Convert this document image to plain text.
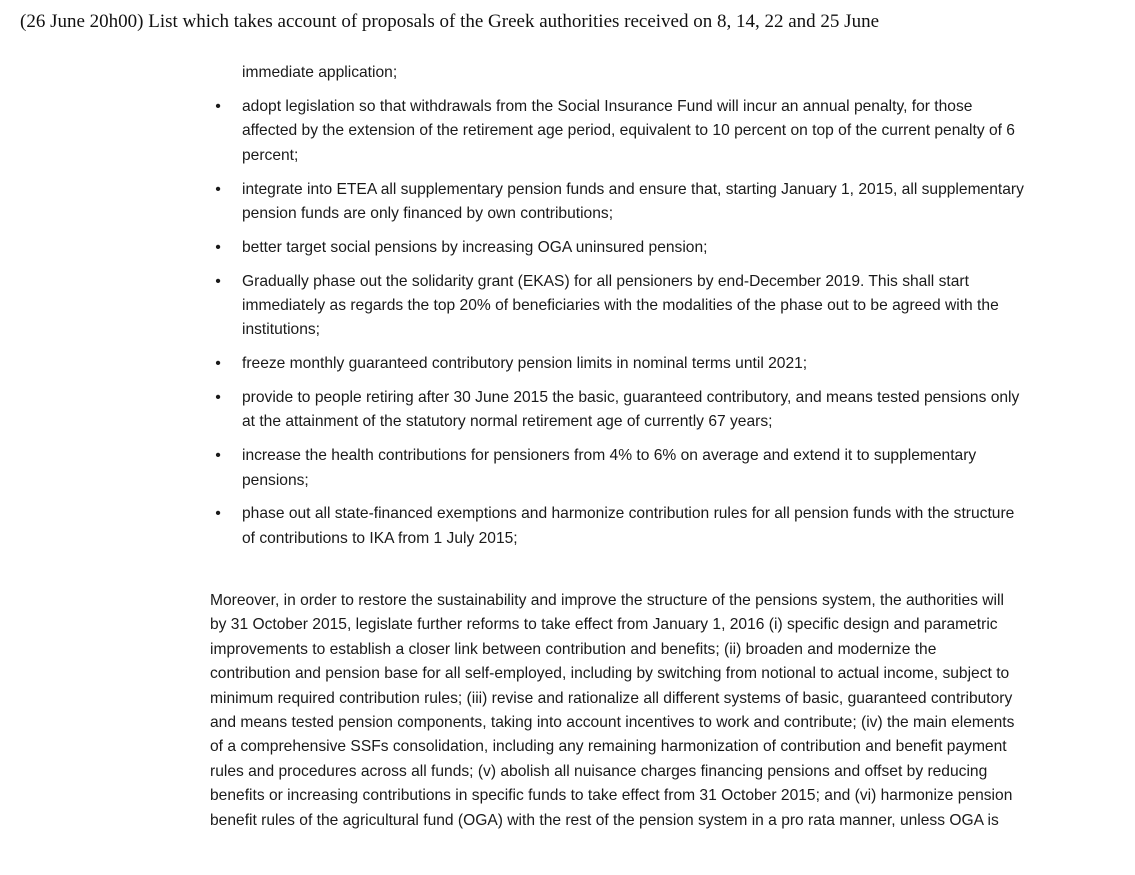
(26 June 20h00) List which takes account of proposals of the Greek authorities received on 8, 14, 22 and 25 June
immediate application;
• adopt legislation so that withdrawals from the Social Insurance Fund will incur an annual penalty, for those
affected by the extension of the retirement age period, equivalent to 10 percent on top of the current penalty of 6
percent;
• integrate into ETEA all supplementary pension funds and ensure that, starting January 1, 2015, all supplementary
pension funds are only financed by own contributions;
• better target social pensions by increasing OGA uninsured pension;
• Gradually phase out the solidarity grant (EKAS) for all pensioners by end-December 2019. This shall start
immediately as regards the top 20% of beneficiaries with the modalities of the phase out to be agreed with the
institutions;
• freeze monthly guaranteed contributory pension limits in nominal terms until 2021;
• provide to people retiring after 30 June 2015 the basic, guaranteed contributory, and means tested pensions only
at the attainment of the statutory normal retirement age of currently 67 years;
• increase the health contributions for pensioners from 4% to 6% on average and extend it to supplementary
pensions;
• phase out all state-financed exemptions and harmonize contribution rules for all pension funds with the structure
of contributions to IKA from 1 July 2015;

Moreover, in order to restore the sustainability and improve the structure of the pensions system, the authorities will
by 31 October 2015, legislate further reforms to take effect from January 1, 2016 (i) specific design and parametric
improvements to establish a closer link between contribution and benefits; (ii) broaden and modernize the
contribution and pension base for all self-employed, including by switching from notional to actual income, subject to
minimum required contribution rules; (iii) revise and rationalize all different systems of basic, guaranteed contributory
and means tested pension components, taking into account incentives to work and contribute; (iv) the main elements
of a comprehensive SSFs consolidation, including any remaining harmonization of contribution and benefit payment
rules and procedures across all funds; (v) abolish all nuisance charges financing pensions and offset by reducing
benefits or increasing contributions in specific funds to take effect from 31 October 2015; and (vi) harmonize pension
benefit rules of the agricultural fund (OGA) with the rest of the pension system in a pro rata manner, unless OGA is
